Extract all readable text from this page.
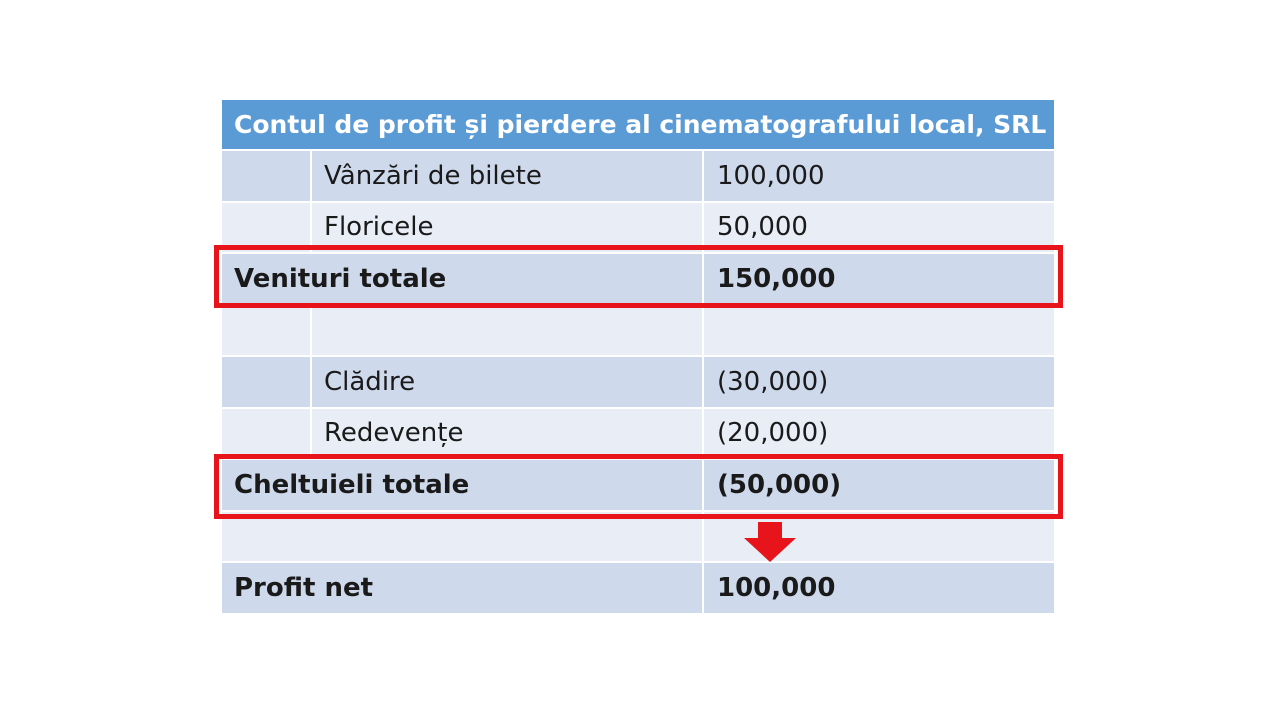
Contul de profit și pierdere al cinematografului local, SRL
Vânzări de bilete	100,000
Floricele	50,000
Venituri totale	150,000
Clădire	(30,000)
Redevențe	(20,000)
Cheltuieli totale	(50,000)
Profit net	100,000
